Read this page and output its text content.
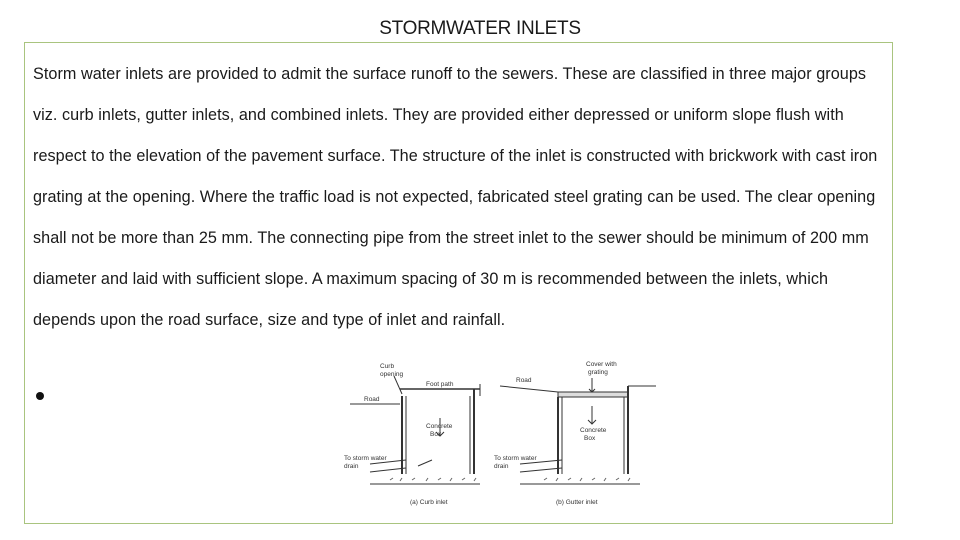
STORMWATER INLETS

Storm water inlets are provided to admit the surface runoff to the sewers. These are classified in three major groups viz. curb inlets, gutter inlets, and combined inlets. They are provided either depressed or uniform slope flush with respect to the elevation of the pavement surface. The structure of the inlet is constructed with brickwork with cast iron grating at the opening. Where the traffic load is not expected, fabricated steel grating can be used. The clear opening shall not be more than 25 mm. The connecting pipe from the street inlet to the sewer should be minimum of 200 mm diameter and laid with sufficient slope. A maximum spacing of 30 m is recommended between the inlets, which depends upon the road surface, size and type of inlet and rainfall.

Curb
opening
Foot path
Road
Concrete
Box
To storm water
drain
(a) Curb inlet
Road
Cover with
grating
Concrete
Box
To storm water
drain
(b) Gutter inlet
